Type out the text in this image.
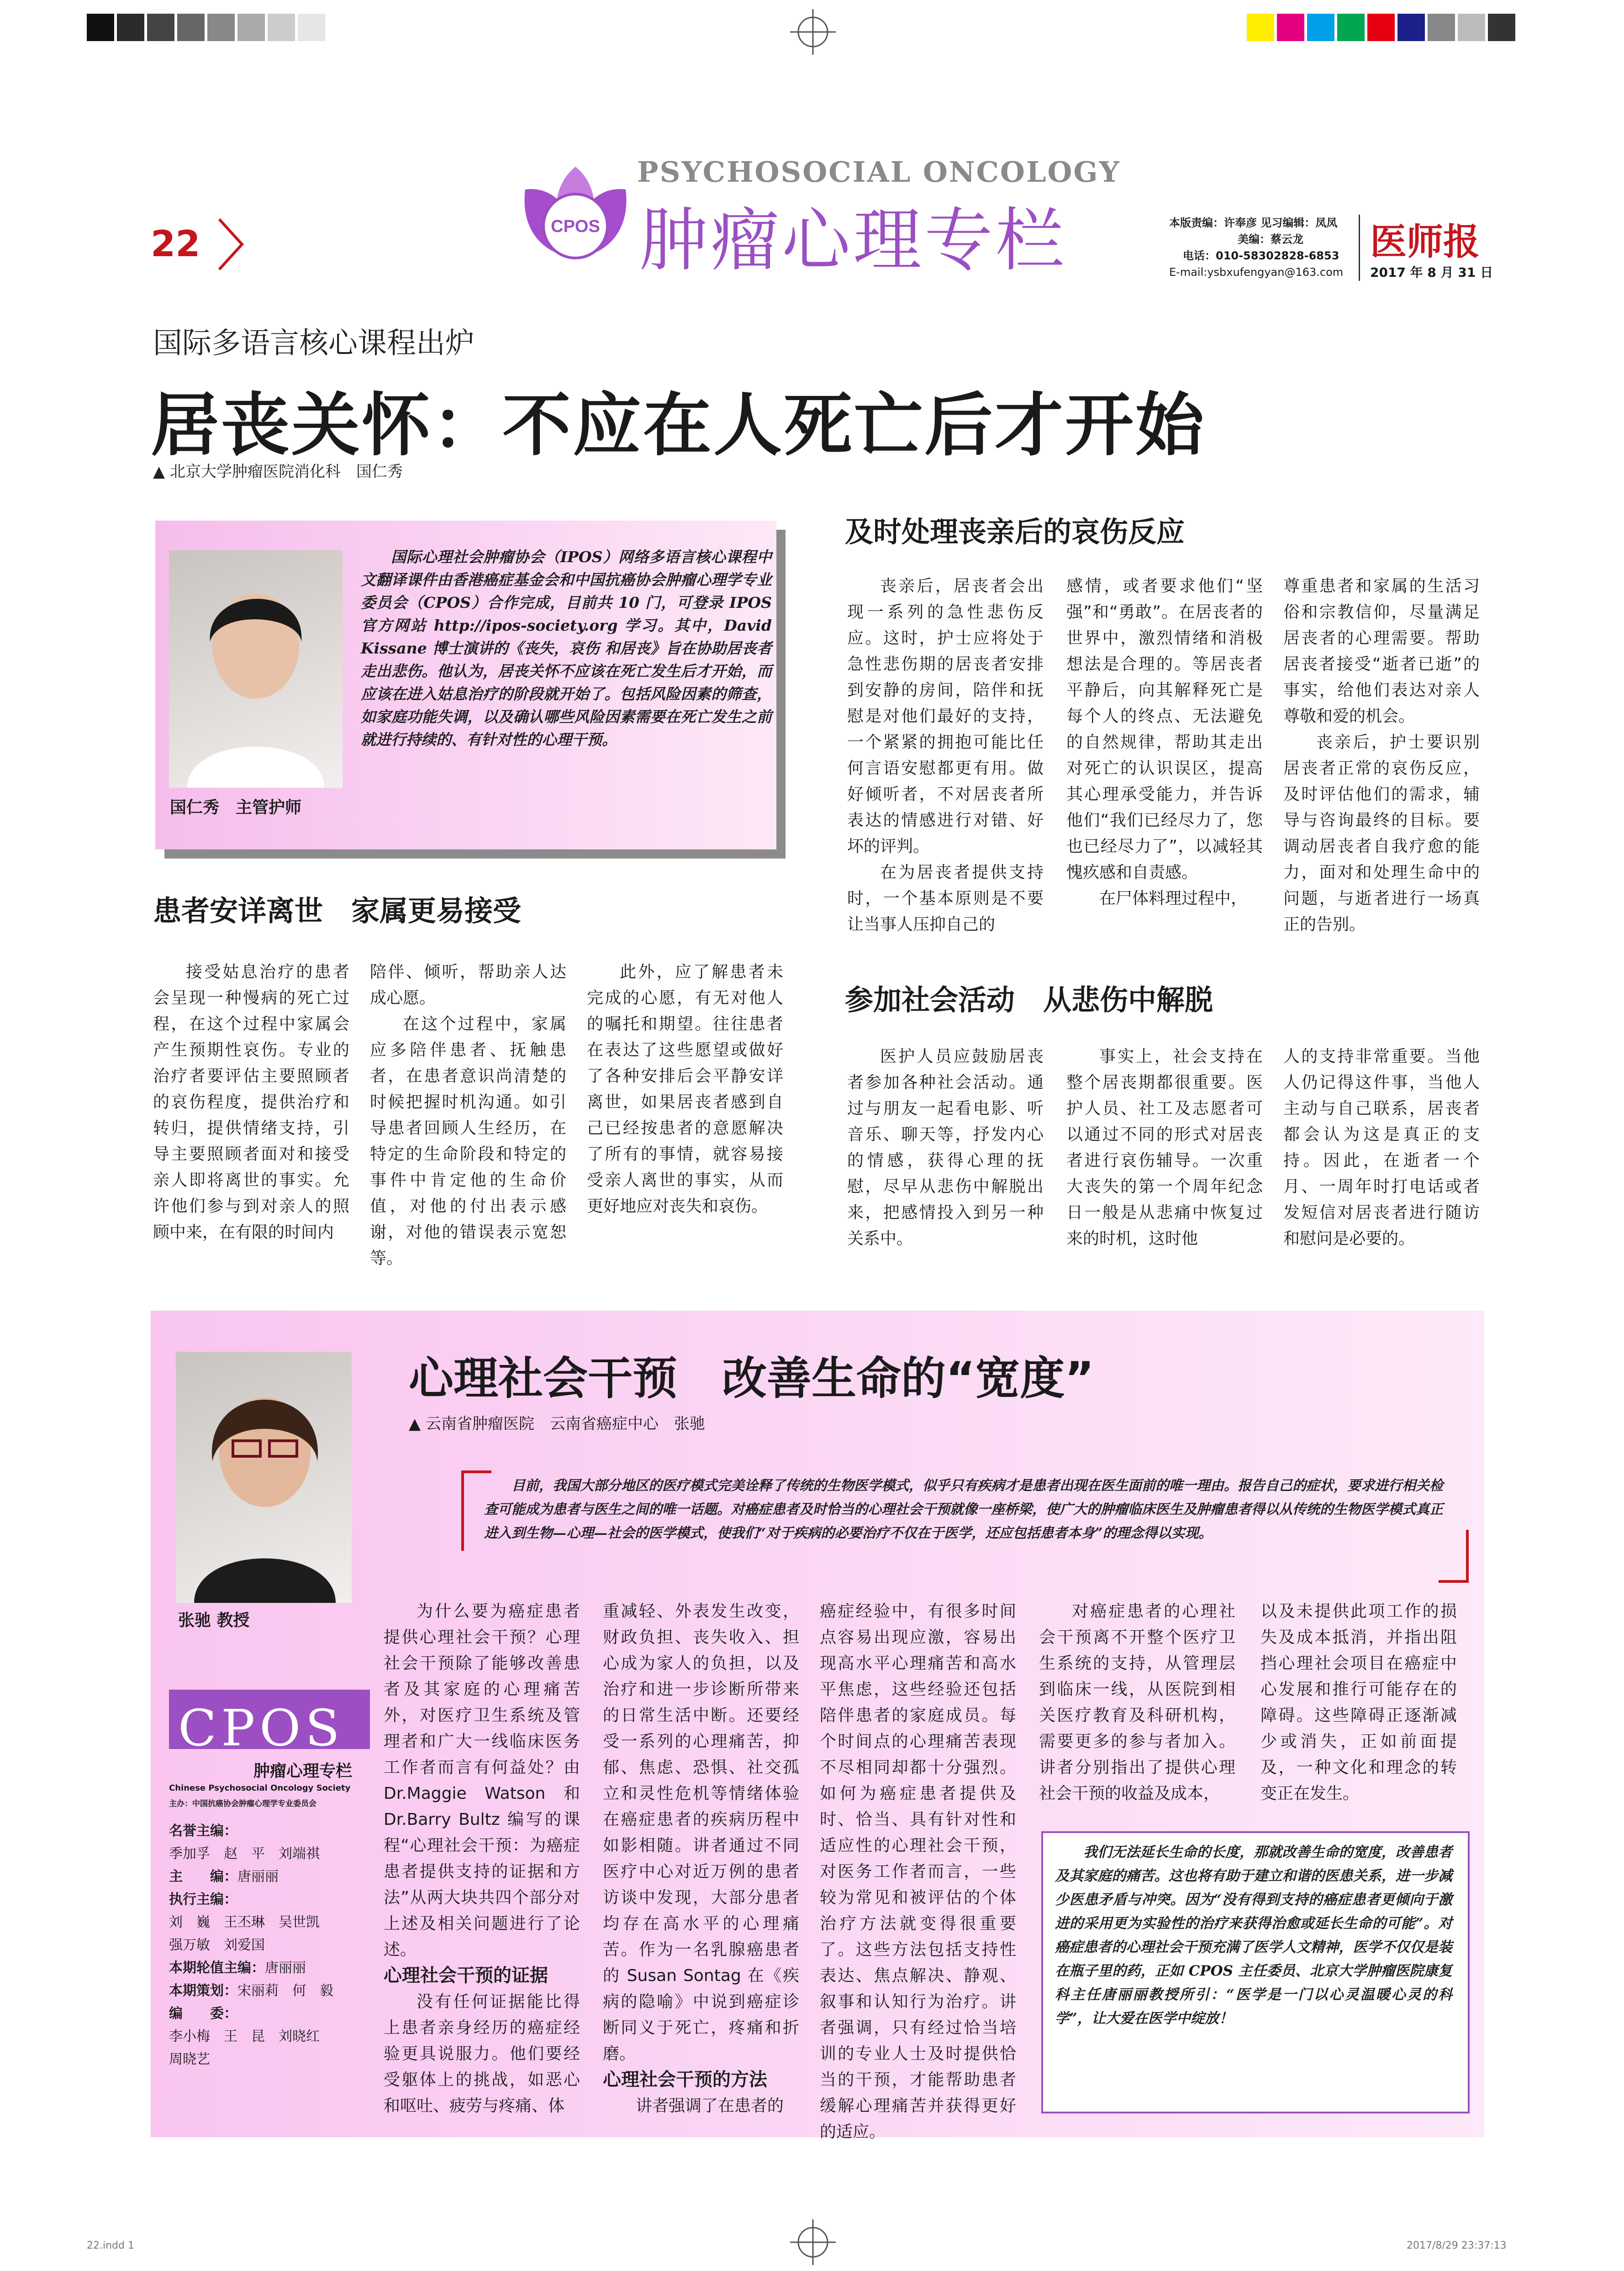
22	CPOS
PSYCHOSOCIAL ONCOLOGY
肿瘤心理专栏	本版责编：许奉彦 见习编辑：凤凤
美编：蔡云龙
电话：010-58302828-6853
E-mail:ysbxufengyan@163.com
医师报
2017 年 8 月 31 日
国际多语言核心课程出炉
居丧关怀：不应在人死亡后才开始
▲ 北京大学肿瘤医院消化科　国仁秀
国仁秀　主管护师
国际心理社会肿瘤协会（IPOS）网络多语言核心课程中文翻译课件由香港癌症基金会和中国抗癌协会肿瘤心理学专业委员会（CPOS）合作完成，目前共 10 门，可登录 IPOS 官方网站 http://ipos-society.org 学习。其中，David Kissane 博士演讲的《丧失，哀伤 和居丧》旨在协助居丧者走出悲伤。他认为，居丧关怀不应该在死亡发生后才开始，而应该在进入姑息治疗的阶段就开始了。包括风险因素的筛查，如家庭功能失调，以及确认哪些风险因素需要在死亡发生之前就进行持续的、有针对性的心理干预。
及时处理丧亲后的哀伤反应

丧亲后，居丧者会出现一系列的急性悲伤反应。这时，护士应将处于急性悲伤期的居丧者安排到安静的房间，陪伴和抚慰是对他们最好的支持，一个紧紧的拥抱可能比任何言语安慰都更有用。做好倾听者，不对居丧者所表达的情感进行对错、好坏的评判。

在为居丧者提供支持时，一个基本原则是不要让当事人压抑自己的

感情，或者要求他们“坚强”和“勇敢”。在居丧者的世界中，激烈情绪和消极想法是合理的。等居丧者平静后，向其解释死亡是每个人的终点、无法避免的自然规律，帮助其走出对死亡的认识误区，提高其心理承受能力，并告诉他们“我们已经尽力了，您也已经尽力了”，以减轻其愧疚感和自责感。

在尸体料理过程中，

尊重患者和家属的生活习俗和宗教信仰，尽量满足居丧者的心理需要。帮助居丧者接受“逝者已逝”的事实，给他们表达对亲人尊敬和爱的机会。

丧亲后，护士要识别居丧者正常的哀伤反应，及时评估他们的需求，辅导与咨询最终的目标。要调动居丧者自我疗愈的能力，面对和处理生命中的问题，与逝者进行一场真正的告别。

患者安详离世　家属更易接受

接受姑息治疗的患者会呈现一种慢病的死亡过程，在这个过程中家属会产生预期性哀伤。专业的治疗者要评估主要照顾者的哀伤程度，提供治疗和转归，提供情绪支持，引导主要照顾者面对和接受亲人即将离世的事实。允许他们参与到对亲人的照顾中来，在有限的时间内

陪伴、倾听，帮助亲人达成心愿。

在这个过程中，家属应多陪伴患者、抚触患者，在患者意识尚清楚的时候把握时机沟通。如引导患者回顾人生经历，在特定的生命阶段和特定的事件中肯定他的生命价值，对他的付出表示感谢，对他的错误表示宽恕等。

此外，应了解患者未完成的心愿，有无对他人的嘱托和期望。往往患者在表达了这些愿望或做好了各种安排后会平静安详离世，如果居丧者感到自己已经按患者的意愿解决了所有的事情，就容易接受亲人离世的事实，从而更好地应对丧失和哀伤。

参加社会活动　从悲伤中解脱

医护人员应鼓励居丧者参加各种社会活动。通过与朋友一起看电影、听音乐、聊天等，抒发内心的情感，获得心理的抚慰，尽早从悲伤中解脱出来，把感情投入到另一种关系中。

事实上，社会支持在整个居丧期都很重要。医护人员、社工及志愿者可以通过不同的形式对居丧者进行哀伤辅导。一次重大丧失的第一个周年纪念日一般是从悲痛中恢复过来的时机，这时他

人的支持非常重要。当他人仍记得这件事，当他人主动与自己联系，居丧者都会认为这是真正的支持。因此，在逝者一个月、一周年时打电话或者发短信对居丧者进行随访和慰问是必要的。

张驰 教授
心理社会干预　改善生命的“宽度”
▲ 云南省肿瘤医院　云南省癌症中心　张驰
目前，我国大部分地区的医疗模式完美诠释了传统的生物医学模式，似乎只有疾病才是患者出现在医生面前的唯一理由。报告自己的症状，要求进行相关检查可能成为患者与医生之间的唯一话题。对癌症患者及时恰当的心理社会干预就像一座桥梁，使广大的肿瘤临床医生及肿瘤患者得以从传统的生物医学模式真正进入到生物—心理—社会的医学模式，使我们“对于疾病的必要治疗不仅在于医学，还应包括患者本身”的理念得以实现。
CPOS
肿瘤心理专栏
Chinese Psychosocial Oncology Society
主办：中国抗癌协会肿瘤心理学专业委员会
名誉主编：
季加孚　赵　平　刘端祺
主　　编：唐丽丽
执行主编：
刘　巍　王丕琳　吴世凯
强万敏　刘爱国
本期轮值主编：唐丽丽
本期策划：宋丽莉　何　毅
编　　委：
李小梅　王　昆　刘晓红
周晓艺

为什么要为癌症患者提供心理社会干预？心理社会干预除了能够改善患者及其家庭的心理痛苦外，对医疗卫生系统及管理者和广大一线临床医务工作者而言有何益处？由 Dr.Maggie Watson 和 Dr.Barry Bultz 编写的课程“心理社会干预：为癌症患者提供支持的证据和方法”从两大块共四个部分对上述及相关问题进行了论述。

心理社会干预的证据

没有任何证据能比得上患者亲身经历的癌症经验更具说服力。他们要经受躯体上的挑战，如恶心和呕吐、疲劳与疼痛、体

重减轻、外表发生改变，财政负担、丧失收入、担心成为家人的负担，以及治疗和进一步诊断所带来的日常生活中断。还要经受一系列的心理痛苦，抑郁、焦虑、恐惧、社交孤立和灵性危机等情绪体验在癌症患者的疾病历程中如影相随。讲者通过不同医疗中心对近万例的患者访谈中发现，大部分患者均存在高水平的心理痛苦。作为一名乳腺癌患者的 Susan Sontag 在《疾病的隐喻》中说到癌症诊断同义于死亡，疼痛和折磨。

心理社会干预的方法

讲者强调了在患者的

癌症经验中，有很多时间点容易出现应激，容易出现高水平心理痛苦和高水平焦虑，这些经验还包括陪伴患者的家庭成员。每个时间点的心理痛苦表现不尽相同却都十分强烈。如何为癌症患者提供及时、恰当、具有针对性和适应性的心理社会干预，对医务工作者而言，一些较为常见和被评估的个体治疗方法就变得很重要了。这些方法包括支持性表达、焦点解决、静观、叙事和认知行为治疗。讲者强调，只有经过恰当培训的专业人士及时提供恰当的干预，才能帮助患者缓解心理痛苦并获得更好的适应。

对癌症患者的心理社会干预离不开整个医疗卫生系统的支持，从管理层到临床一线，从医院到相关医疗教育及科研机构，需要更多的参与者加入。讲者分别指出了提供心理社会干预的收益及成本，

以及未提供此项工作的损失及成本抵消，并指出阻挡心理社会项目在癌症中心发展和推行可能存在的障碍。这些障碍正逐渐减少或消失，正如前面提及，一种文化和理念的转变正在发生。

我们无法延长生命的长度，那就改善生命的宽度，改善患者及其家庭的痛苦。这也将有助于建立和谐的医患关系，进一步减少医患矛盾与冲突。因为“没有得到支持的癌症患者更倾向于激进的采用更为实验性的治疗来获得治愈或延长生命的可能”。对癌症患者的心理社会干预充满了医学人文精神，医学不仅仅是装在瓶子里的药，正如 CPOS 主任委员、北京大学肿瘤医院康复科主任唐丽丽教授所引：“医学是一门以心灵温暖心灵的科学”，让大爱在医学中绽放！
22.indd 1	2017/8/29 23:37:13
